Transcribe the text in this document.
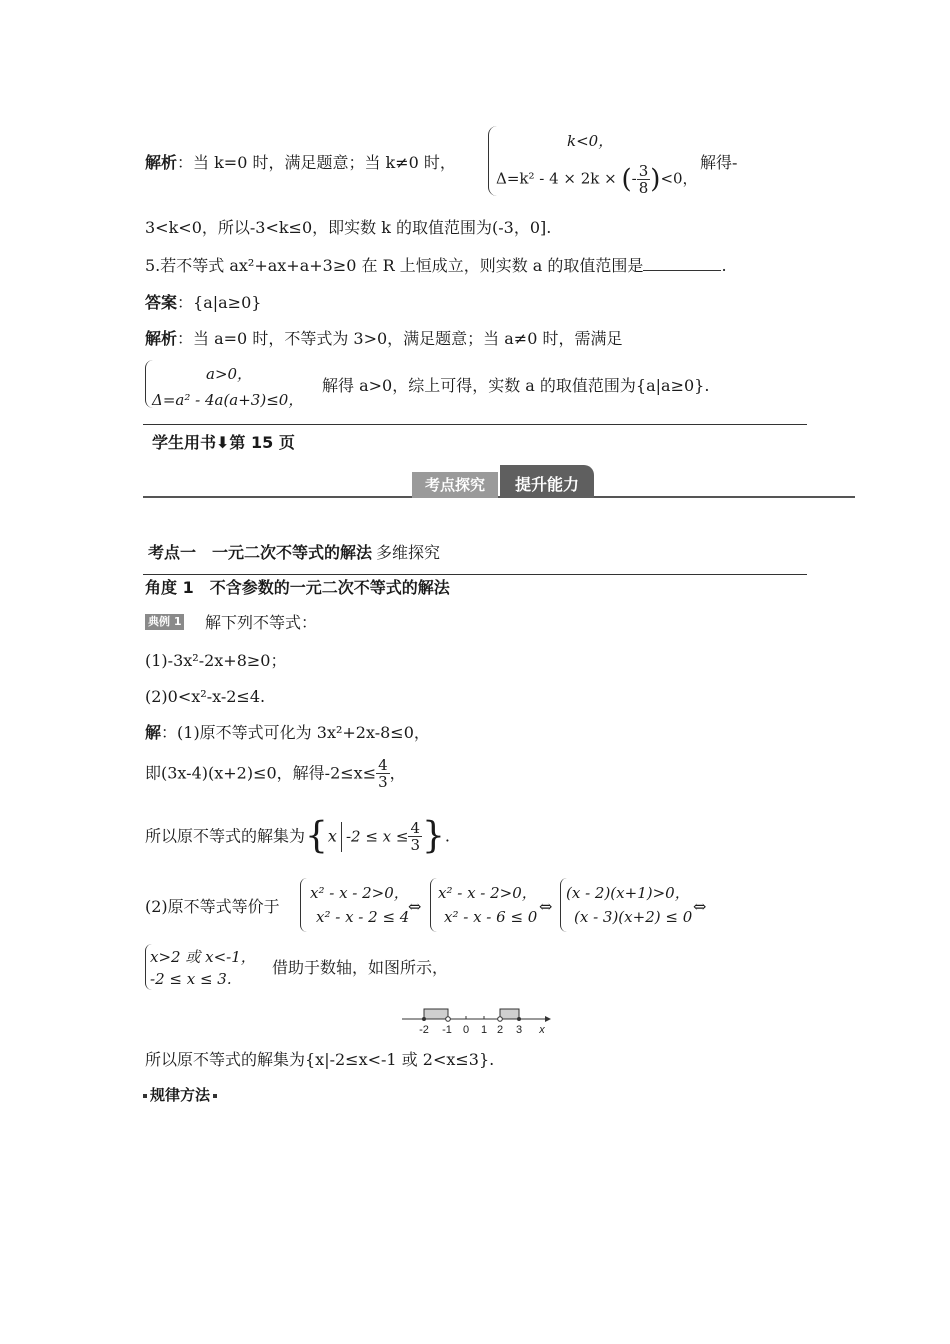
解析：当 k=0 时，满足题意；当 k≠0 时，
k<0，
Δ=k² - 4 × 2k × (- $\frac{3}{8} )<0$，
解得-
3<k<0，所以-3<k≤0，即实数 k 的取值范围为(-3，0].
5.若不等式 ax²+ax+a+3≥0 在 R 上恒成立，则实数 a 的取值范围是	.
答案：{a|a≥0}
解析：当 a=0 时，不等式为 3>0，满足题意；当 a≠0 时，需满足
a>0，
Δ=a² - 4a(a+3)≤0，
解得 a>0，综上可得，实数 a 的取值范围为{a|a≥0}.
学生用书⬇第 15 页
考点探究	提升能力
考点一　一元二次不等式的解法 多维探究
角度 1　不含参数的一元二次不等式的解法
典例 1 解下列不等式：
(1)-3x²-2x+8≥0；
(2)0<x²-x-2≤4.
解：(1)原不等式可化为 3x²+2x-8≤0，
即(3x-4)(x+2)≤0，解得$-2\le x\le \frac{4}{3}$ ，
所以原不等式的解集为{x $-2 \le x \le \frac{4}{3}$ }.
(2)原不等式等价于
x² - x - 2>0，
x² - x - 2 ≤ 4
⇔
x² - x - 2>0，
x² - x - 6 ≤ 0
⇔
(x - 2)(x+1)>0，
(x - 3)(x+2) ≤ 0
⇔
x>2 或 x<-1，
-2 ≤ x ≤ 3.
借助于数轴，如图所示，
-2 -1 0 1 2 3 x
所以原不等式的解集为{x|-2≤x<-1 或 2<x≤3}.
规律方法
